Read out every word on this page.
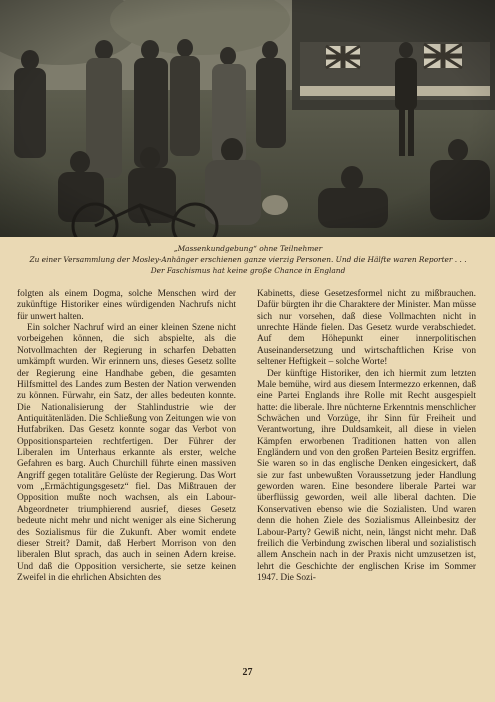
„Massenkundgebung“ ohne Teilnehmer
Zu einer Versammlung der Mosley-Anhänger erschienen ganze vierzig Personen. Und die Hälfte waren Reporter . . . Der Faschismus hat keine große Chance in England

folgten als einem Dogma, solche Menschen wird der zukünftige Historiker eines würdigenden Nachrufs nicht für unwert halten.

Ein solcher Nachruf wird an einer kleinen Szene nicht vorbeigehen können, die sich abspielte, als die Notvollmachten der Regierung in scharfen Debatten umkämpft wurden. Wir erinnern uns, dieses Gesetz sollte der Regierung eine Handhabe geben, die gesamten Hilfsmittel des Landes zum Besten der Nation verwenden zu können. Fürwahr, ein Satz, der alles bedeuten konnte. Die Nationalisierung der Stahlindustrie wie der Antiquitätenläden. Die Schließung von Zeitungen wie von Hutfabriken. Das Gesetz konnte sogar das Verbot von Oppositionsparteien rechtfertigen. Der Führer der Liberalen im Unterhaus erkannte als erster, welche Gefahren es barg. Auch Churchill führte einen massiven Angriff gegen totalitäre Gelüste der Regierung. Das Wort vom „Ermächtigungsgesetz“ fiel. Das Mißtrauen der Opposition mußte noch wachsen, als ein Labour-Abgeordneter triumphierend ausrief, dieses Gesetz bedeute nicht mehr und nicht weniger als eine Sicherung des Sozialismus für die Zukunft. Aber womit endete dieser Streit? Damit, daß Herbert Morrison von den liberalen Blut sprach, das auch in seinen Adern kreise. Und daß die Opposition versicherte, sie setze keinen Zweifel in die ehrlichen Absichten des

Kabinetts, diese Gesetzesformel nicht zu mißbrauchen. Dafür bürgten ihr die Charaktere der Minister. Man müsse sich nur vorsehen, daß diese Vollmachten nicht in unrechte Hände fielen. Das Gesetz wurde verabschiedet. Auf dem Höhepunkt einer innerpolitischen Auseinandersetzung und wirtschaftlichen Krise von seltener Heftigkeit – solche Worte!

Der künftige Historiker, den ich hiermit zum letzten Male bemühe, wird aus diesem Intermezzo erkennen, daß eine Partei Englands ihre Rolle mit Recht ausgespielt hatte: die liberale. Ihre nüchterne Erkenntnis menschlicher Schwächen und Vorzüge, ihr Sinn für Freiheit und Verantwortung, ihre Duldsamkeit, all diese in vielen Kämpfen erworbenen Traditionen hatten von allen Engländern und von den großen Parteien Besitz ergriffen. Sie waren so in das englische Denken eingesickert, daß sie zur fast unbewußten Voraussetzung jeder Handlung geworden waren. Eine besondere liberale Partei war überflüssig geworden, weil alle liberal dachten. Die Konservativen ebenso wie die Sozialisten. Und waren denn die hohen Ziele des Sozialismus Alleinbesitz der Labour-Party? Gewiß nicht, nein, längst nicht mehr. Daß freilich die Verbindung zwischen liberal und sozialistisch allem Anschein nach in der Praxis nicht umzusetzen ist, lehrt die Geschichte der englischen Krise im Sommer 1947. Die Sozi-

27
